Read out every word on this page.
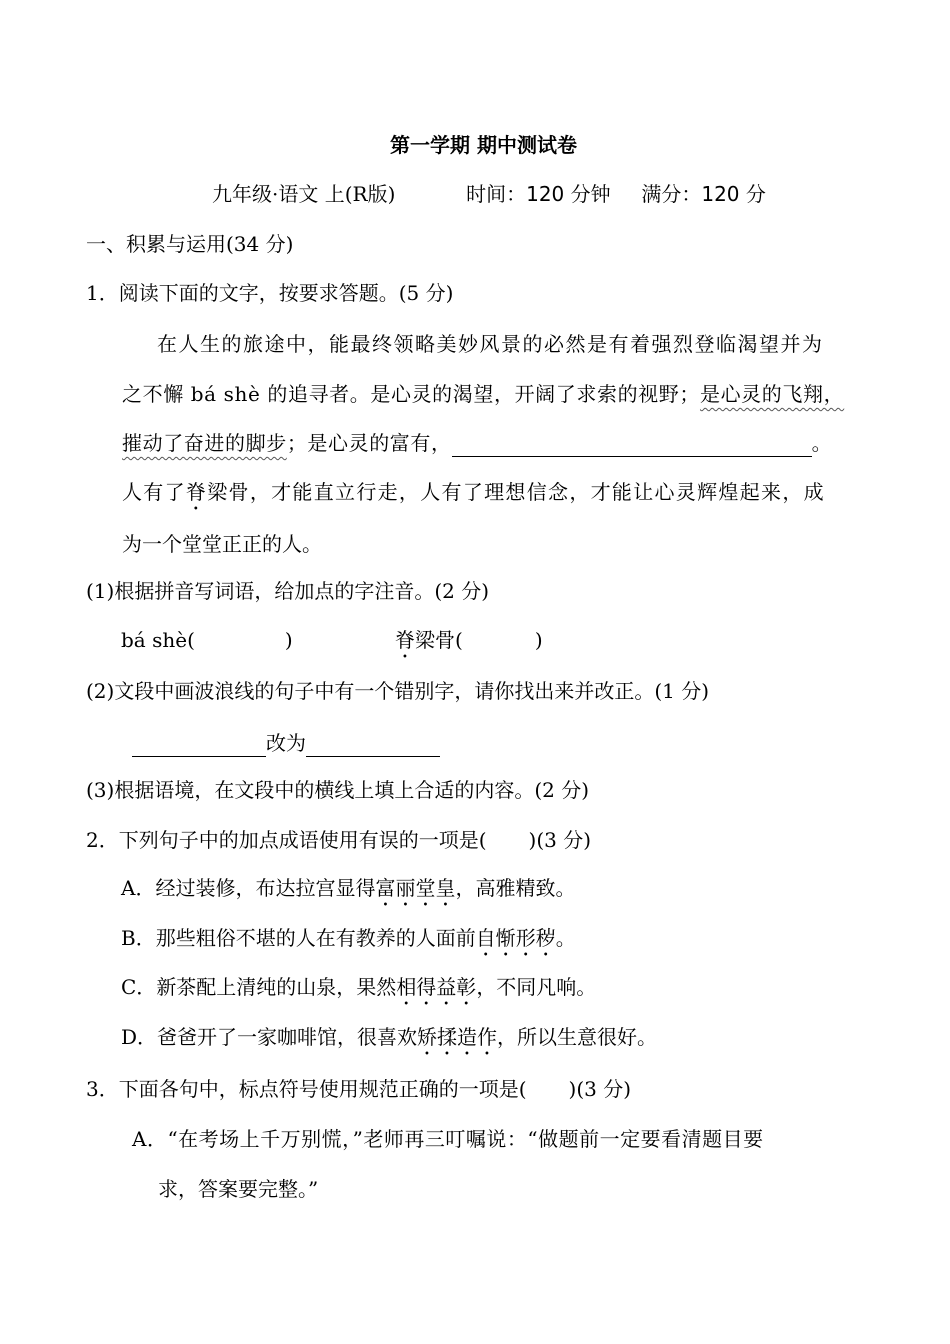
第一学期 期中测试卷
九年级·语文 上(R版)	时间：120 分钟 满分：120 分
一、积累与运用(34 分)
1．阅读下面的文字，按要求答题。(5 分)
在人生的旅途中，能最终领略美妙风景的必然是有着强烈登临渴望并为
之不懈 bá shè 的追寻者。是心灵的渴望，开阔了求索的视野；是心灵的飞翔，
摧动了奋进的脚步；是心灵的富有，	。
人有了脊梁骨，才能直立行走，人有了理想信念，才能让心灵辉煌起来，成
为一个堂堂正正的人。
(1)根据拼音写词语，给加点的字注音。(2 分)
bá shè(	)	脊梁骨(	)
(2)文段中画波浪线的句子中有一个错别字，请你找出来并改正。(1 分)
改为
(3)根据语境，在文段中的横线上填上合适的内容。(2 分)
2．下列句子中的加点成语使用有误的一项是( )(3 分)
A．经过装修，布达拉宫显得富丽堂皇，高雅精致。
B．那些粗俗不堪的人在有教养的人面前自惭形秽。
C．新茶配上清纯的山泉，果然相得益彰，不同凡响。
D．爸爸开了一家咖啡馆，很喜欢矫揉造作，所以生意很好。
3．下面各句中，标点符号使用规范正确的一项是( )(3 分)
A．“在考场上千万别慌，”老师再三叮嘱说：“做题前一定要看清题目要
求，答案要完整。”
